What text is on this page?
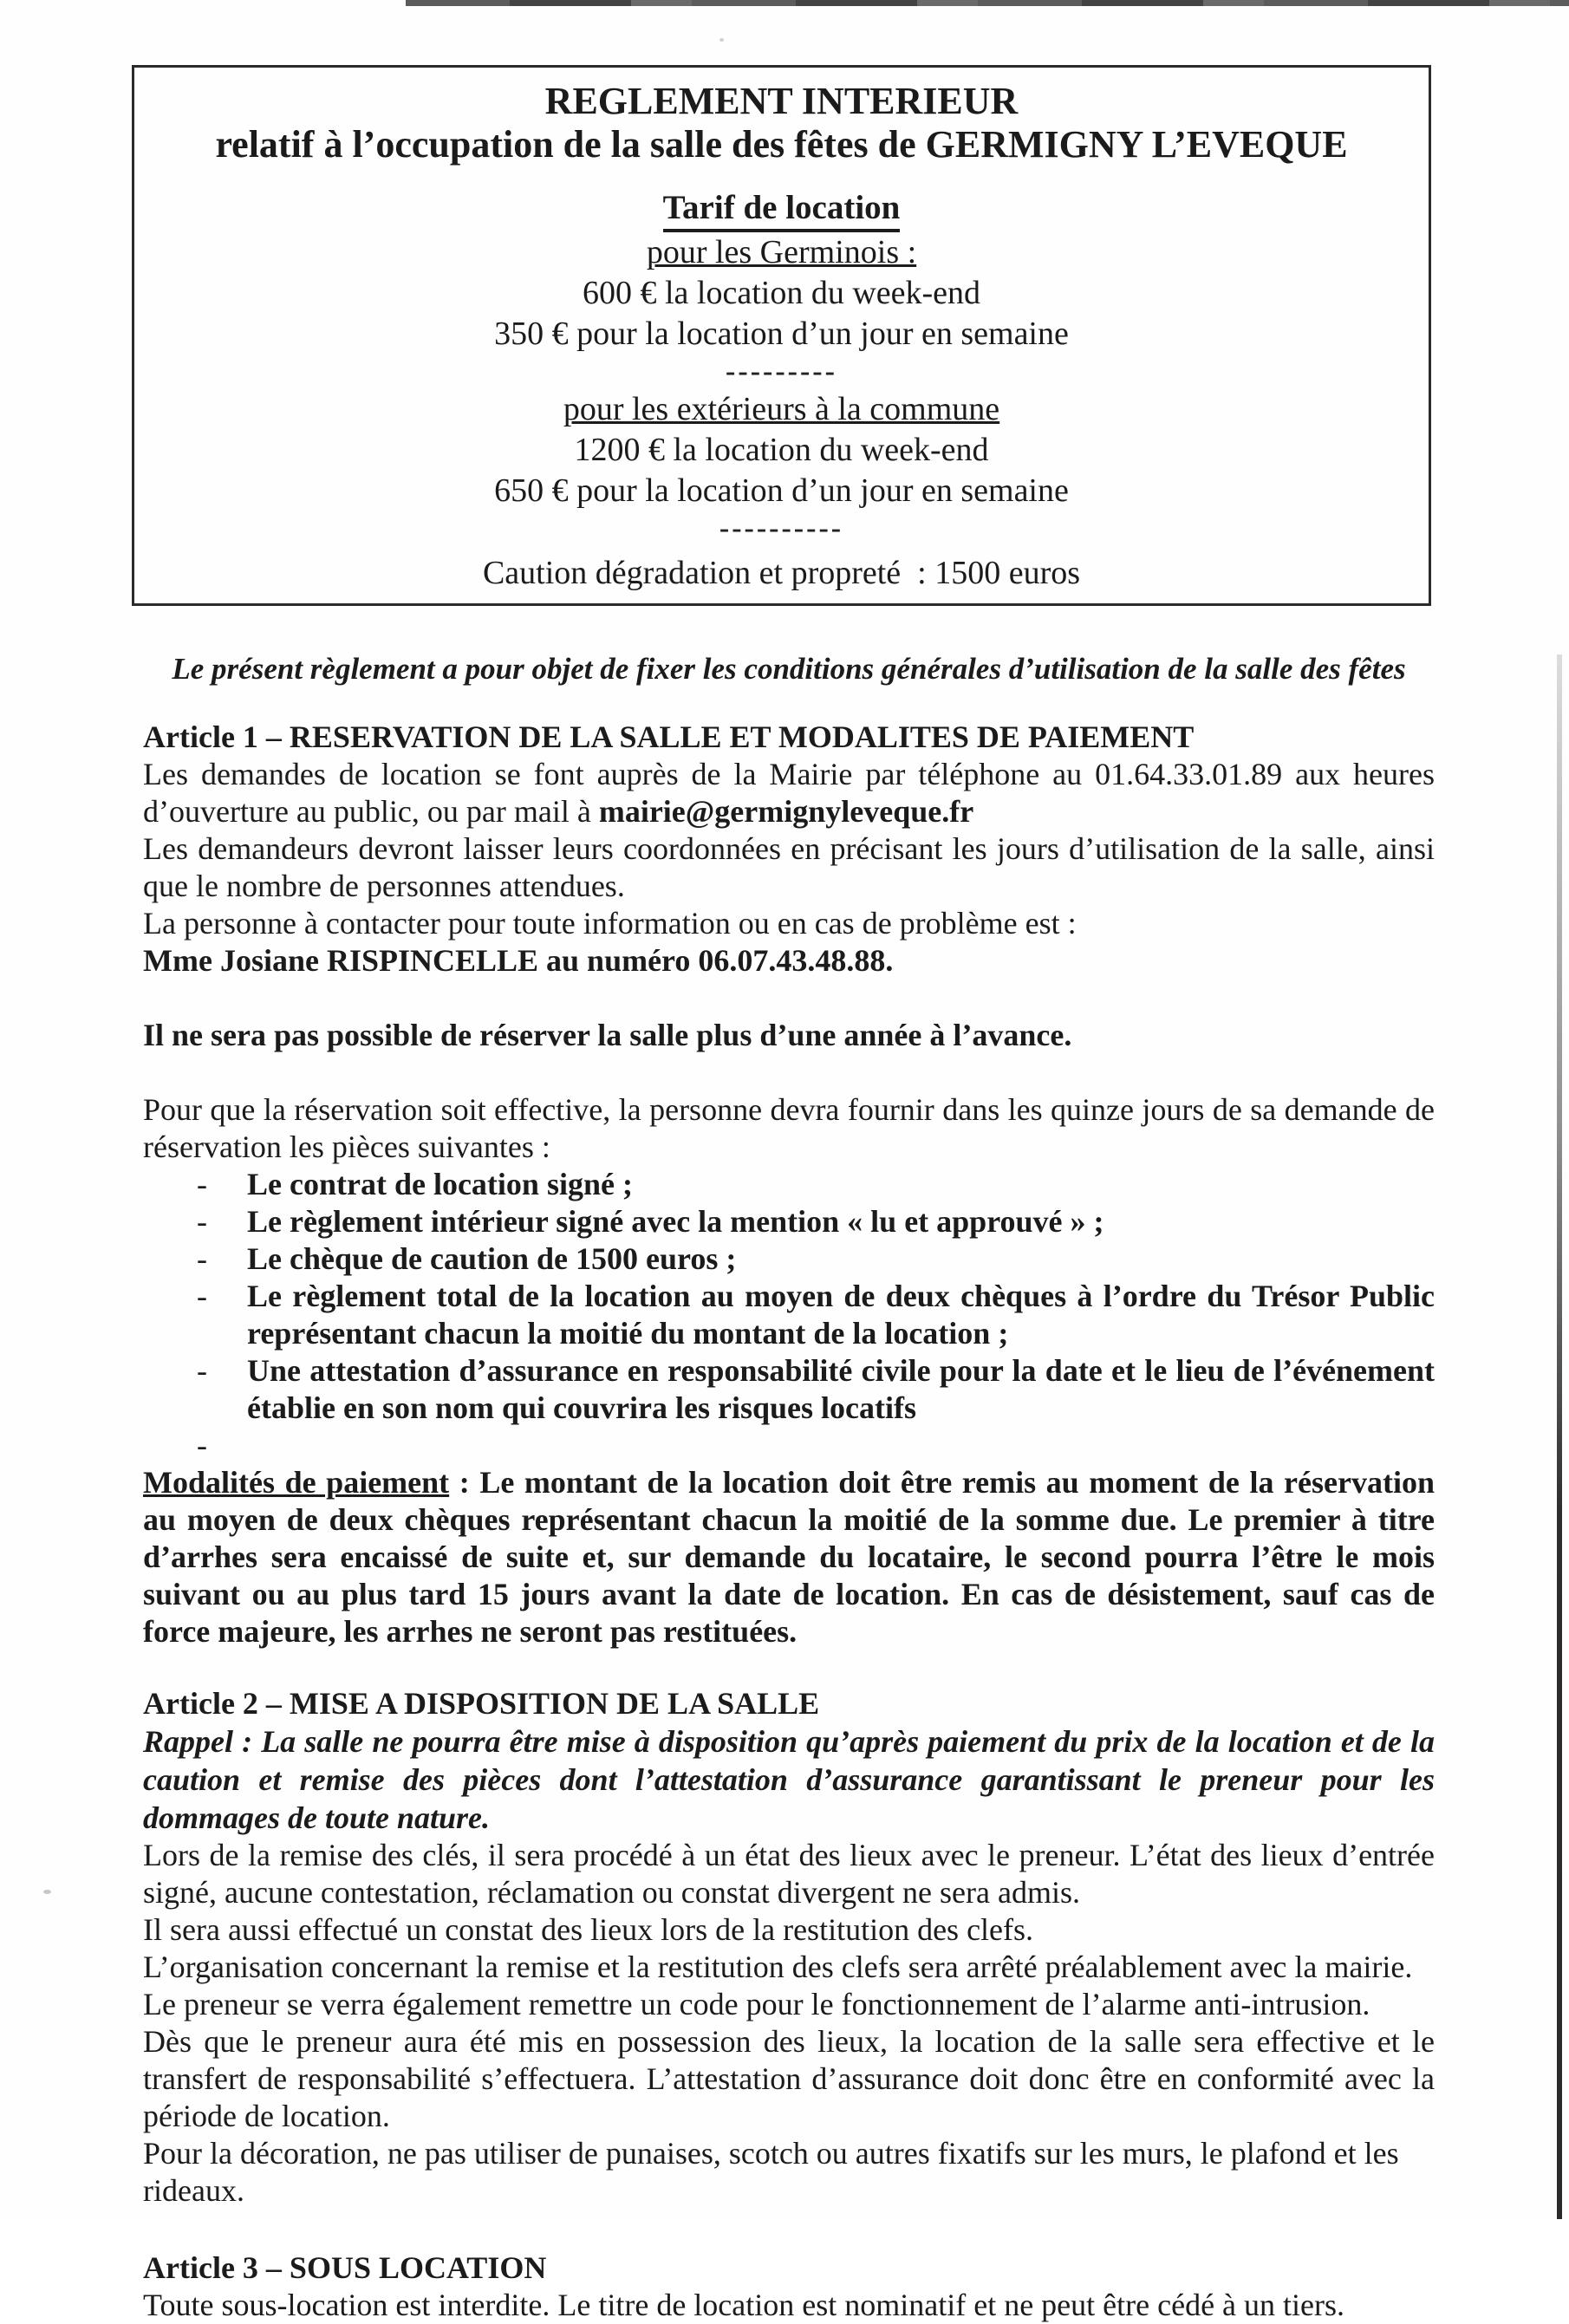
REGLEMENT INTERIEUR
relatif à l’occupation de la salle des fêtes de GERMIGNY L’EVEQUE
Tarif de location
pour les Germinois :
600 € la location du week-end
350 € pour la location d’un jour en semaine
---------
pour les extérieurs à la commune
1200 € la location du week-end
650 € pour la location d’un jour en semaine
----------
Caution dégradation et propreté  : 1500 euros
Le présent règlement a pour objet de fixer les conditions générales d’utilisation de la salle des fêtes
Article 1 – RESERVATION DE LA SALLE ET MODALITES DE PAIEMENT

Les demandes de location se font auprès de la Mairie par téléphone au 01.64.33.01.89 aux heures d’ouverture au public, ou par mail à mairie@germignyleveque.fr

Les demandeurs devront laisser leurs coordonnées en précisant les jours d’utilisation de la salle, ainsi que le nombre de personnes attendues.

La personne à contacter pour toute information ou en cas de problème est :

Mme Josiane RISPINCELLE au numéro 06.07.43.48.88.

Il ne sera pas possible de réserver la salle plus d’une année à l’avance.

Pour que la réservation soit effective, la personne devra fournir dans les quinze jours de sa demande de réservation les pièces suivantes :

-	Le contrat de location signé ;
-	Le règlement intérieur signé avec la mention « lu et approuvé » ;
-	Le chèque de caution de 1500 euros ;
-	Le règlement total de la location au moyen de deux chèques à l’ordre du Trésor Public représentant chacun la moitié du montant de la location ;
-	Une attestation d’assurance en responsabilité civile pour la date et le lieu de l’événement établie en son nom qui couvrira les risques locatifs
-

Modalités de paiement : Le montant de la location doit être remis au moment de la réservation au moyen de deux chèques représentant chacun la moitié de la somme due. Le premier à titre d’arrhes sera encaissé de suite et, sur demande du locataire, le second pourra l’être le mois suivant ou au plus tard 15 jours avant la date de location. En cas de désistement, sauf cas de force majeure, les arrhes ne seront pas restituées.

Article 2 – MISE A DISPOSITION DE LA SALLE

Rappel : La salle ne pourra être mise à disposition qu’après paiement du prix de la location et de la caution et remise des pièces dont l’attestation d’assurance garantissant le preneur pour les dommages de toute nature.

Lors de la remise des clés, il sera procédé à un état des lieux avec le preneur. L’état des lieux d’entrée signé, aucune contestation, réclamation ou constat divergent ne sera admis.

Il sera aussi effectué un constat des lieux lors de la restitution des clefs.

L’organisation concernant la remise et la restitution des clefs sera arrêté préalablement avec la mairie.

Le preneur se verra également remettre un code pour le fonctionnement de l’alarme anti-intrusion.

Dès que le preneur aura été mis en possession des lieux, la location de la salle sera effective et le transfert de responsabilité s’effectuera. L’attestation d’assurance doit donc être en conformité avec la période de location.

Pour la décoration, ne pas utiliser de punaises, scotch ou autres fixatifs sur les murs, le plafond et les rideaux.

Article 3 – SOUS LOCATION

Toute sous-location est interdite. Le titre de location est nominatif et ne peut être cédé à un tiers.
